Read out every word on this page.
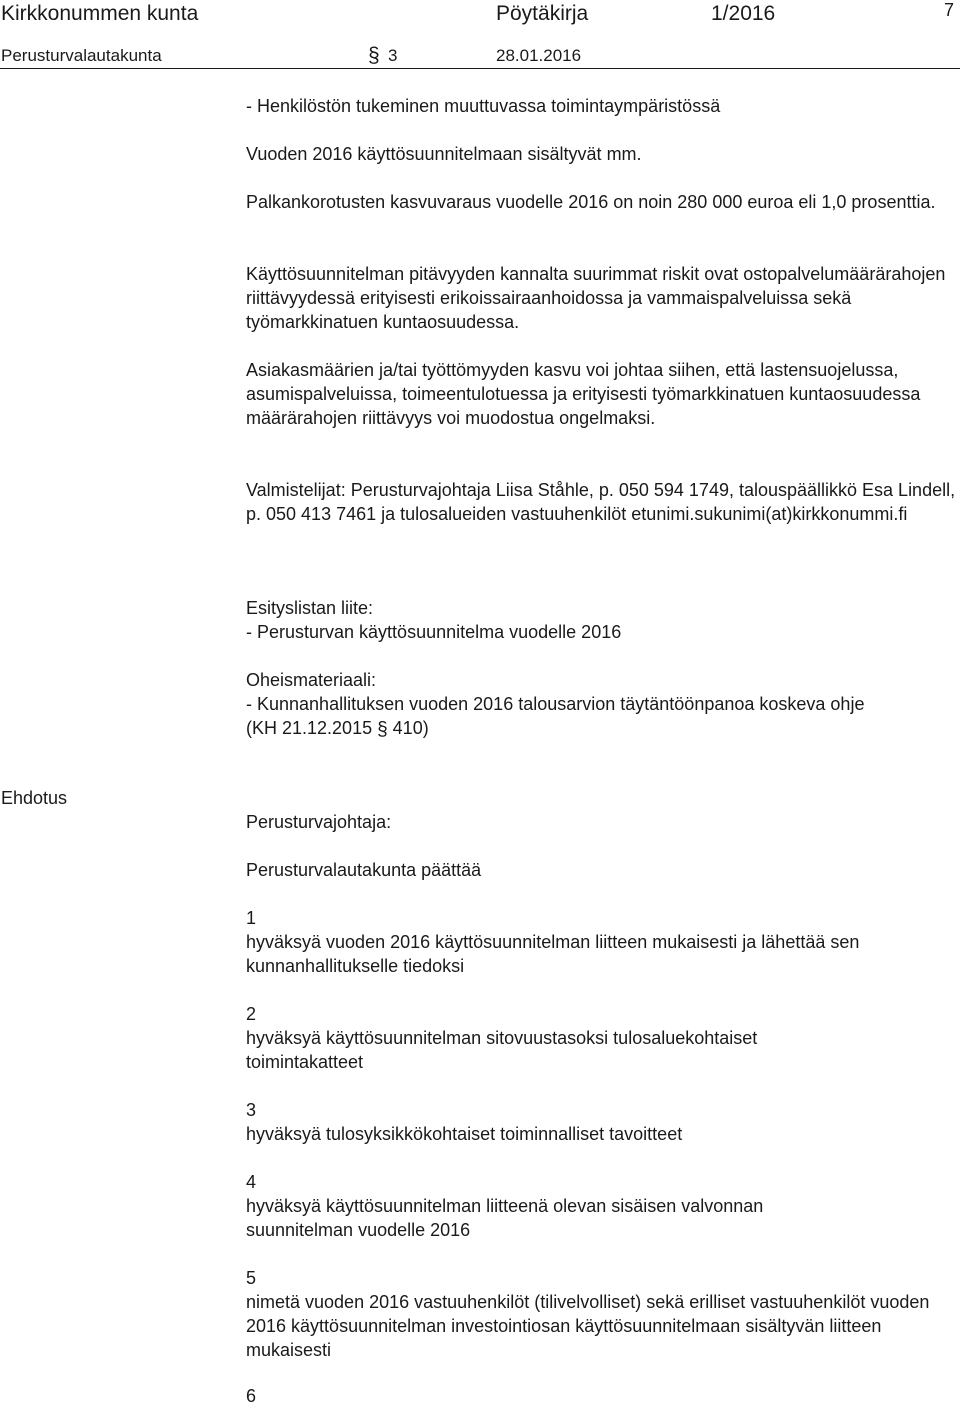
Kirkkonummen kunta	Pöytäkirja	1/2016	7
Perusturvalautakunta	§ 3	28.01.2016
- Henkilöstön tukeminen muuttuvassa toimintaympäristössä
Vuoden 2016 käyttösuunnitelmaan sisältyvät mm.
Palkankorotusten kasvuvaraus vuodelle 2016 on noin 280 000 euroa eli 1,0 prosenttia.
Käyttösuunnitelman pitävyyden kannalta suurimmat riskit ovat ostopalvelumäärärahojen riittävyydessä erityisesti erikoissairaanhoidossa ja vammaispalveluissa sekä työmarkkinatuen kuntaosuudessa.
Asiakasmäärien ja/tai työttömyyden kasvu voi johtaa siihen, että lastensuojelussa, asumispalveluissa, toimeentulotuessa ja erityisesti työmarkkinatuen kuntaosuudessa määrärahojen riittävyys voi muodostua ongelmaksi.
Valmistelijat: Perusturvajohtaja Liisa Ståhle, p. 050 594 1749, talouspäällikkö Esa Lindell, p. 050 413 7461 ja tulosalueiden vastuuhenkilöt etunimi.sukunimi(at)kirkkonummi.fi
Esityslistan liite:
- Perusturvan käyttösuunnitelma vuodelle 2016
Oheismateriaali:
- Kunnanhallituksen vuoden 2016 talousarvion täytäntöönpanoa koskeva ohje
(KH 21.12.2015 § 410)
Ehdotus
Perusturvajohtaja:
Perusturvalautakunta päättää
1
hyväksyä vuoden 2016 käyttösuunnitelman liitteen mukaisesti ja lähettää sen kunnanhallitukselle tiedoksi
2
hyväksyä käyttösuunnitelman sitovuustasoksi tulosaluekohtaiset toimintakatteet
3
hyväksyä tulosyksikkökohtaiset toiminnalliset tavoitteet
4
hyväksyä käyttösuunnitelman liitteenä olevan sisäisen valvonnan suunnitelman vuodelle 2016
5
nimetä vuoden 2016 vastuuhenkilöt (tilivelvolliset) sekä erilliset vastuuhenkilöt vuoden 2016 käyttösuunnitelman investointiosan käyttösuunnitelmaan sisältyvän liitteen mukaisesti
6
